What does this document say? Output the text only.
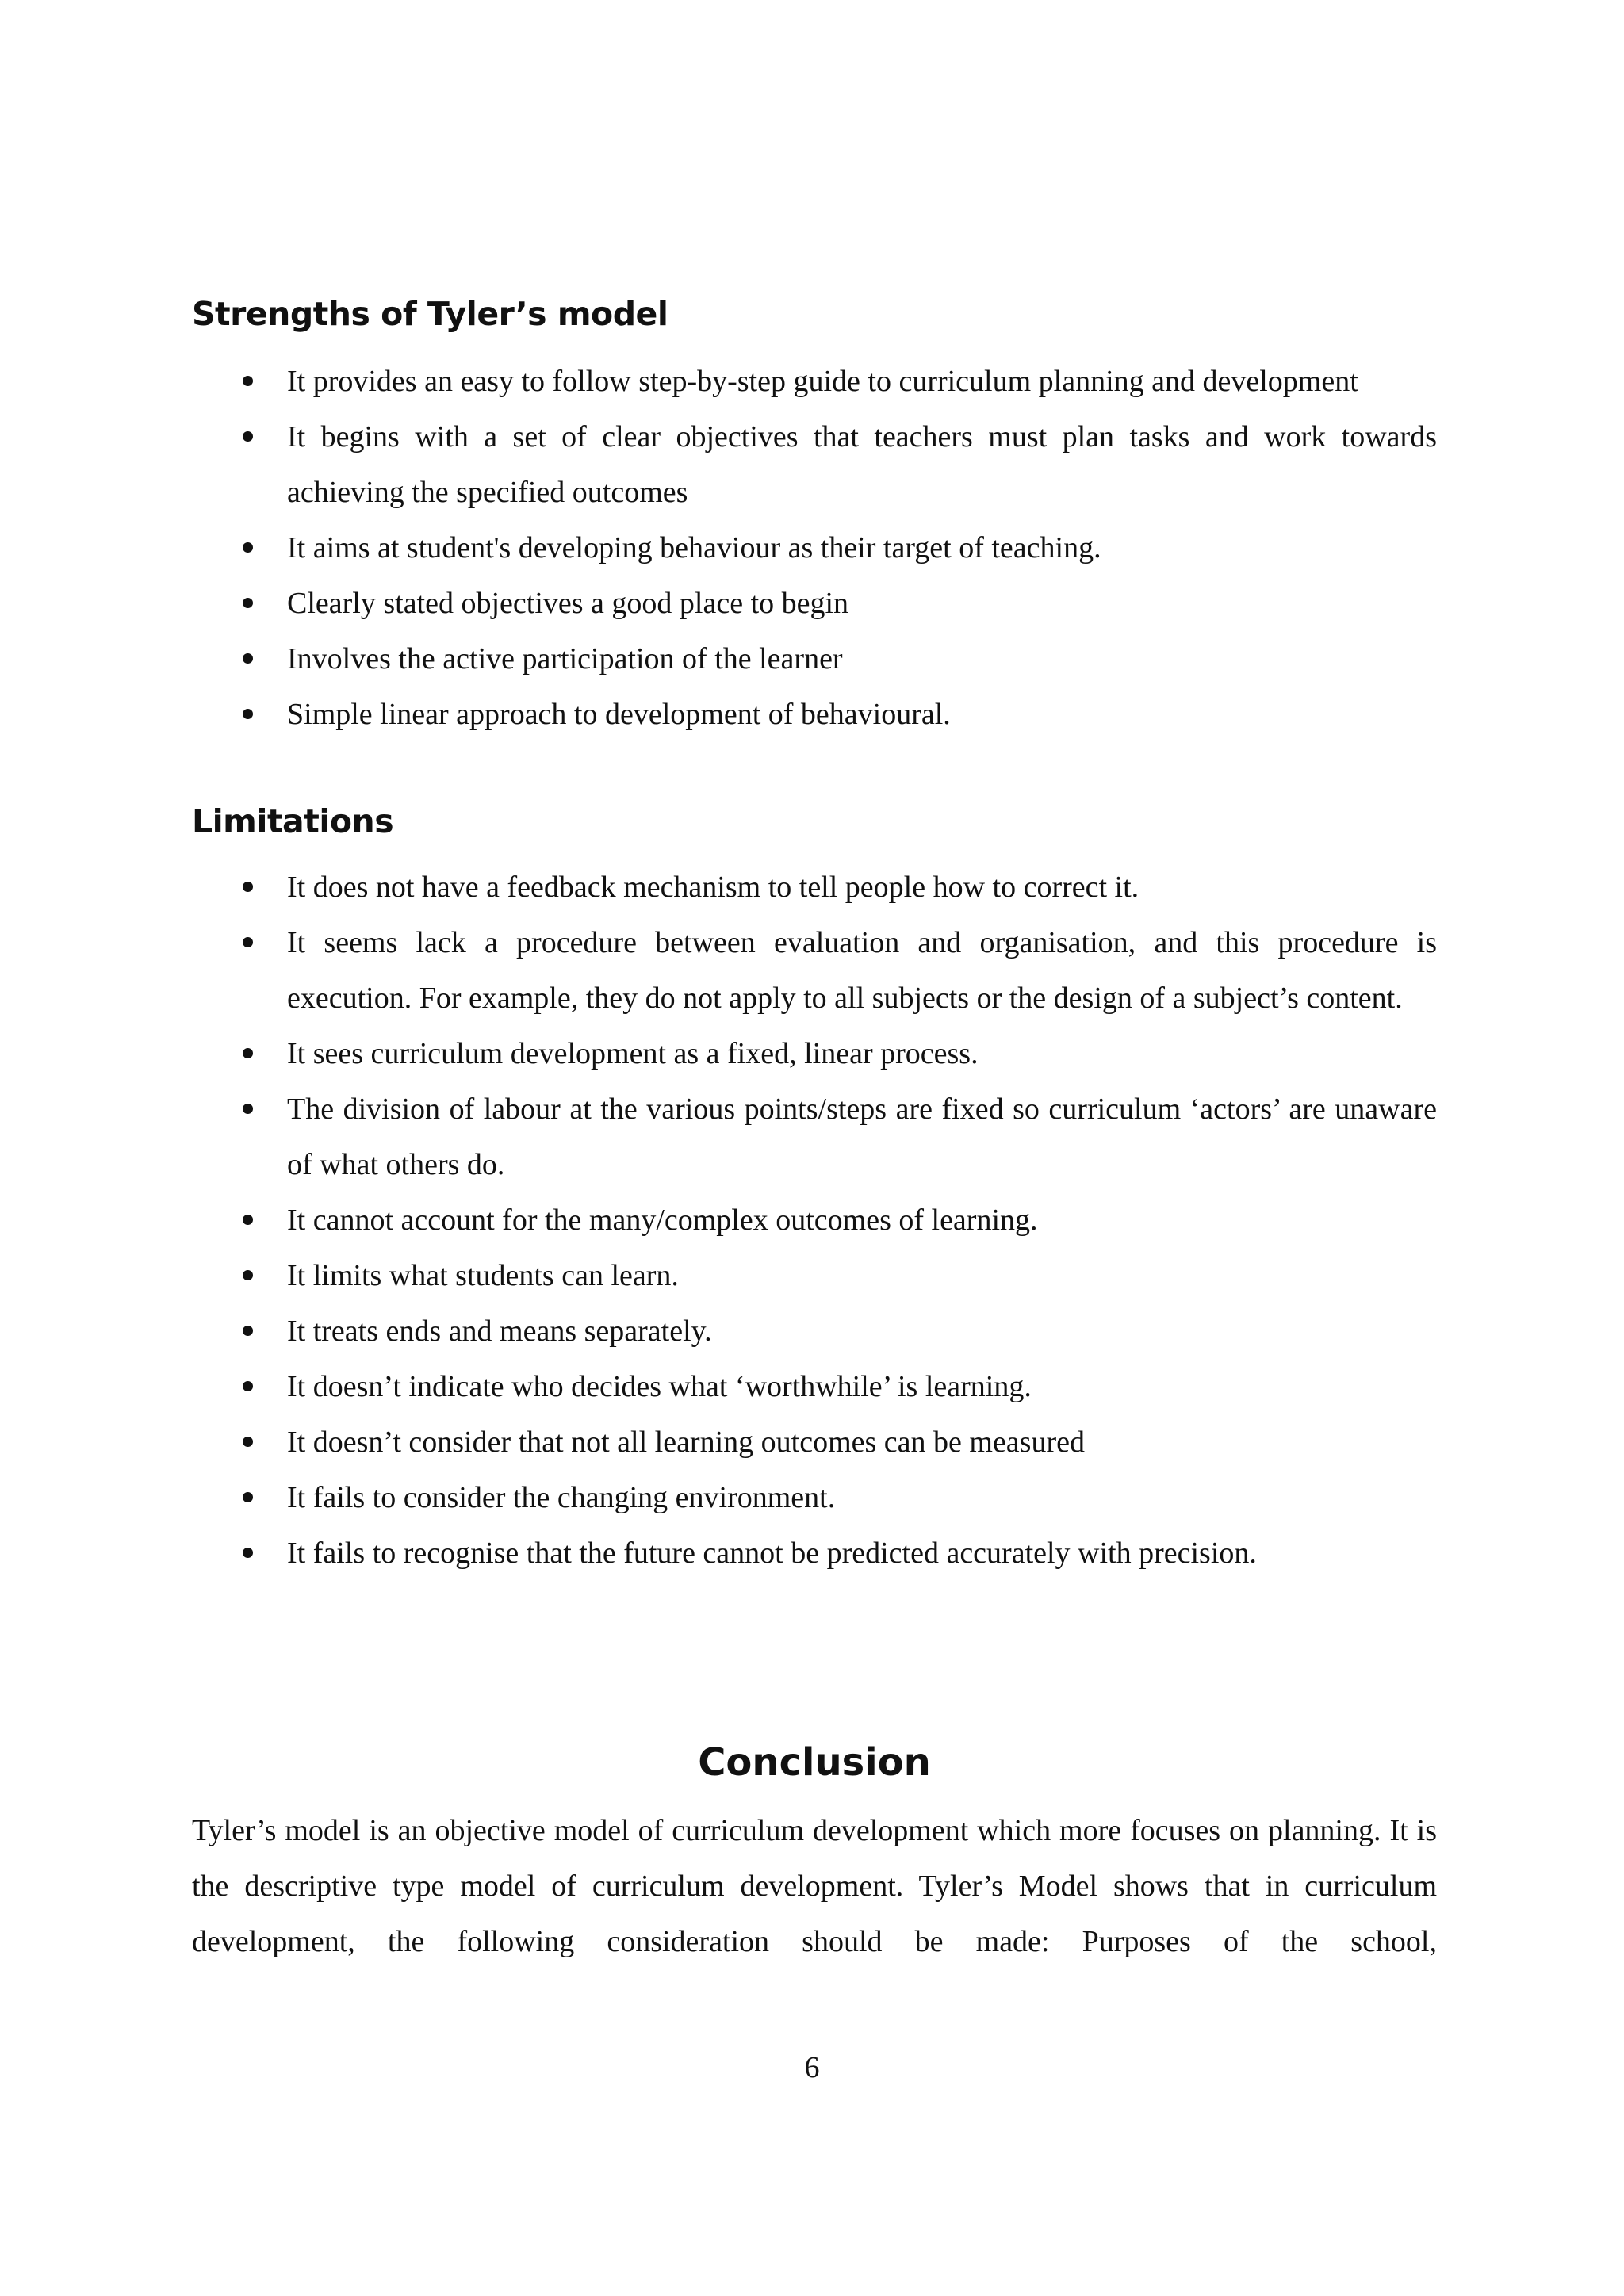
Strengths of Tyler’s model
It provides an easy to follow step-by-step guide to curriculum planning and development
It begins with a set of clear objectives that teachers must plan tasks and work towards achieving the specified outcomes
It aims at student's developing behaviour as their target of teaching.
Clearly stated objectives a good place to begin
Involves the active participation of the learner
Simple linear approach to development of behavioural.
Limitations
It does not have a feedback mechanism to tell people how to correct it.
It seems lack a procedure between evaluation and organisation, and this procedure is execution. For example, they do not apply to all subjects or the design of a subject’s content.
It sees curriculum development as a fixed, linear process.
The division of labour at the various points/steps are fixed so curriculum ‘actors’ are unaware of what others do.
It cannot account for the many/complex outcomes of learning.
It limits what students can learn.
It treats ends and means separately.
It doesn’t indicate who decides what ‘worthwhile’ is learning.
It doesn’t consider that not all learning outcomes can be measured
It fails to consider the changing environment.
It fails to recognise that the future cannot be predicted accurately with precision.
Conclusion

Tyler’s model is an objective model of curriculum development which more focuses on planning. It is the descriptive type model of curriculum development. Tyler’s Model shows that in curriculum development, the following consideration should be made: Purposes of the school,

6
